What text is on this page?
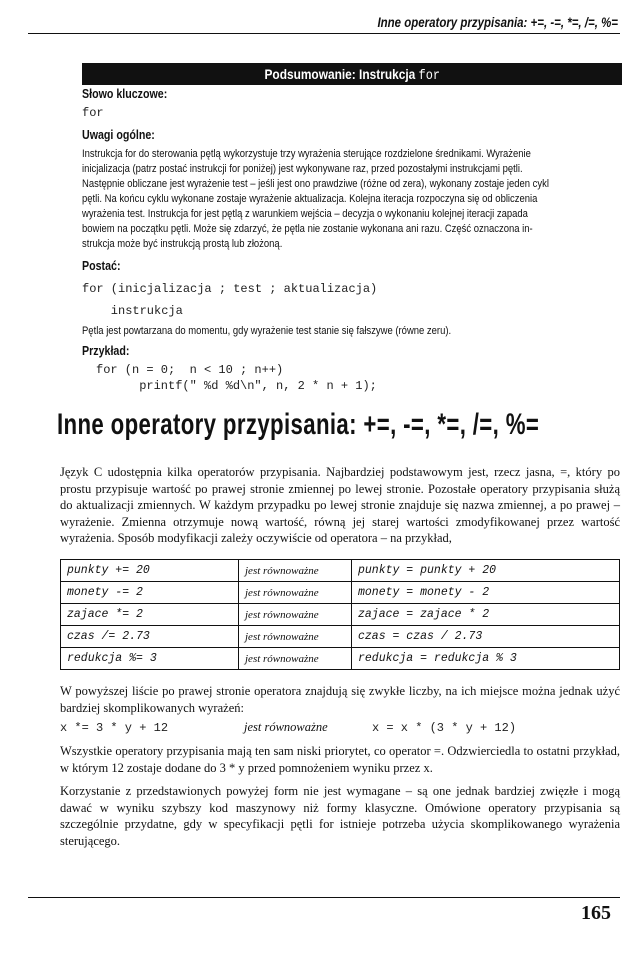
Inne operatory przypisania: +=, -=, *=, /=, %=
Podsumowanie: Instrukcja for
Słowo kluczowe:
for
Uwagi ogólne:
Instrukcja for do sterowania pętlą wykorzystuje trzy wyrażenia sterujące rozdzielone średnikami. Wyrażenie
inicjalizacja (patrz postać instrukcji for poniżej) jest wykonywane raz, przed pozostałymi instrukcjami pętli.
Następnie obliczane jest wyrażenie test – jeśli jest ono prawdziwe (różne od zera), wykonany zostaje jeden cykl
pętli. Na końcu cyklu wykonane zostaje wyrażenie aktualizacja. Kolejna iteracja rozpoczyna się od obliczenia
wyrażenia test. Instrukcja for jest pętlą z warunkiem wejścia – decyzja o wykonaniu kolejnej iteracji zapada
bowiem na początku pętli. Może się zdarzyć, że pętla nie zostanie wykonana ani razu. Część oznaczona in-
strukcja może być instrukcją prostą lub złożoną.
Postać:
for (inicjalizacja ; test ; aktualizacja)
instrukcja
Pętla jest powtarzana do momentu, gdy wyrażenie test stanie się fałszywe (równe zeru).
Przykład:
for (n = 0;  n < 10 ; n++)
printf(" %d %d\n", n, 2 * n + 1);
Inne operatory przypisania: +=, -=, *=, /=, %=
Język C udostępnia kilka operatorów przypisania. Najbardziej podstawowym jest, rzecz jasna, =, który po prostu przypisuje wartość po prawej stronie zmiennej po lewej stronie. Pozostałe operatory przypisania służą do aktualizacji zmiennych. W każdym przypadku po lewej stronie znajduje się nazwa zmiennej, a po prawej – wyrażenie. Zmienna otrzymuje nową wartość, równą jej starej wartości zmodyfikowanej przez wartość wyrażenia. Sposób modyfikacji zależy oczywiście od operatora – na przykład,
punkty += 20	jest równoważne	punkty = punkty + 20
monety -= 2	jest równoważne	monety = monety - 2
zajace *= 2	jest równoważne	zajace = zajace * 2
czas /= 2.73	jest równoważne	czas = czas / 2.73
redukcja %= 3	jest równoważne	redukcja = redukcja % 3
W powyższej liście po prawej stronie operatora znajdują się zwykłe liczby, na ich miejsce można jednak użyć bardziej skomplikowanych wyrażeń:
x *= 3 * y + 12	jest równoważne	x = x * (3 * y + 12)
Wszystkie operatory przypisania mają ten sam niski priorytet, co operator =. Odzwierciedla to ostatni przykład, w którym 12 zostaje dodane do 3 * y przed pomnożeniem wyniku przez x.
Korzystanie z przedstawionych powyżej form nie jest wymagane – są one jednak bardziej zwięzłe i mogą dawać w wyniku szybszy kod maszynowy niż formy klasyczne. Omówione operatory przypisania są szczególnie przydatne, gdy w specyfikacji pętli for istnieje potrzeba użycia skomplikowanego wyrażenia sterującego.
165
